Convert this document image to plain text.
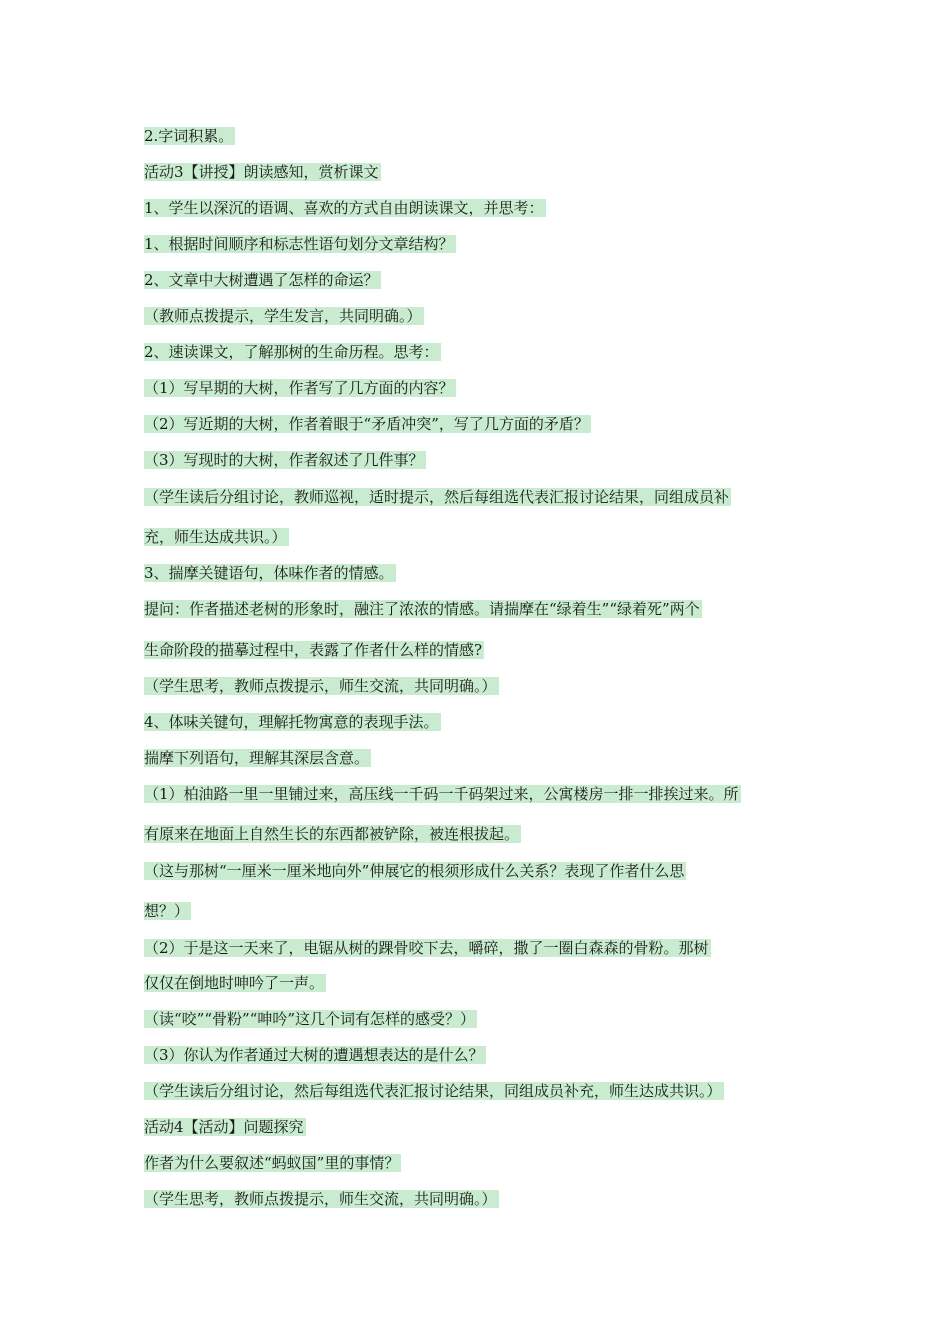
2.字词积累。
活动3【讲授】朗读感知，赏析课文
1、学生以深沉的语调、喜欢的方式自由朗读课文，并思考：
1、根据时间顺序和标志性语句划分文章结构？
2、文章中大树遭遇了怎样的命运？
（教师点拨提示，学生发言，共同明确。）
2、速读课文，了解那树的生命历程。思考：
（1）写早期的大树，作者写了几方面的内容？
（2）写近期的大树，作者着眼于“矛盾冲突”，写了几方面的矛盾？
（3）写现时的大树，作者叙述了几件事？
（学生读后分组讨论，教师巡视，适时提示，然后每组选代表汇报讨论结果，同组成员补
充，师生达成共识。）
3、揣摩关键语句，体味作者的情感。
提问：作者描述老树的形象时，融注了浓浓的情感。请揣摩在“绿着生”“绿着死”两个
生命阶段的描摹过程中，表露了作者什么样的情感?
（学生思考，教师点拨提示，师生交流，共同明确。）
4、体味关键句，理解托物寓意的表现手法。
揣摩下列语句，理解其深层含意。
（1）柏油路一里一里铺过来，高压线一千码一千码架过来，公寓楼房一排一排挨过来。所
有原来在地面上自然生长的东西都被铲除，被连根拔起。
（这与那树“一厘米一厘米地向外”伸展它的根须形成什么关系？表现了作者什么思
想？）
（2）于是这一天来了，电锯从树的踝骨咬下去，嚼碎，撒了一圈白森森的骨粉。那树
仅仅在倒地时呻吟了一声。
（读“咬”“骨粉”“呻吟”这几个词有怎样的感受？）
（3）你认为作者通过大树的遭遇想表达的是什么？
（学生读后分组讨论，然后每组选代表汇报讨论结果，同组成员补充，师生达成共识。）
活动4【活动】问题探究
作者为什么要叙述“蚂蚁国”里的事情？
（学生思考，教师点拨提示，师生交流，共同明确。）
